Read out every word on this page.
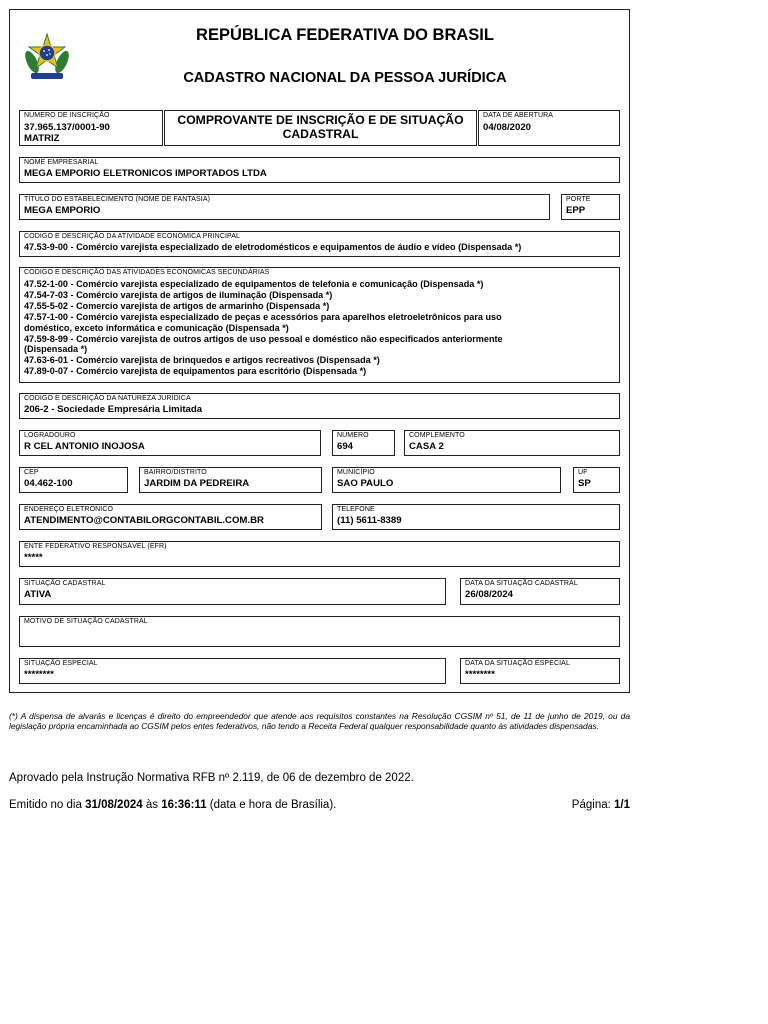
REPÚBLICA FEDERATIVA DO BRASIL
CADASTRO NACIONAL DA PESSOA JURÍDICA
NÚMERO DE INSCRIÇÃO
37.965.137/0001-90
MATRIZ
COMPROVANTE DE INSCRIÇÃO E DE SITUAÇÃO
CADASTRAL
DATA DE ABERTURA
04/08/2020
NOME EMPRESARIAL
MEGA EMPORIO ELETRONICOS IMPORTADOS LTDA
TÍTULO DO ESTABELECIMENTO (NOME DE FANTASIA)
MEGA EMPORIO
PORTE
EPP
CÓDIGO E DESCRIÇÃO DA ATIVIDADE ECONÔMICA PRINCIPAL
47.53-9-00 - Comércio varejista especializado de eletrodomésticos e equipamentos de áudio e vídeo (Dispensada *)
CÓDIGO E DESCRIÇÃO DAS ATIVIDADES ECONÔMICAS SECUNDÁRIAS
47.52-1-00 - Comércio varejista especializado de equipamentos de telefonia e comunicação (Dispensada *)
47.54-7-03 - Comércio varejista de artigos de iluminação (Dispensada *)
47.55-5-02 - Comercio varejista de artigos de armarinho (Dispensada *)
47.57-1-00 - Comércio varejista especializado de peças e acessórios para aparelhos eletroeletrônicos para uso
doméstico, exceto informática e comunicação (Dispensada *)
47.59-8-99 - Comércio varejista de outros artigos de uso pessoal e doméstico não especificados anteriormente
(Dispensada *)
47.63-6-01 - Comércio varejista de brinquedos e artigos recreativos (Dispensada *)
47.89-0-07 - Comércio varejista de equipamentos para escritório (Dispensada *)
CÓDIGO E DESCRIÇÃO DA NATUREZA JURÍDICA
206-2 - Sociedade Empresária Limitada
LOGRADOURO
R CEL ANTONIO INOJOSA
NÚMERO
694
COMPLEMENTO
CASA 2
CEP
04.462-100
BAIRRO/DISTRITO
JARDIM DA PEDREIRA
MUNICÍPIO
SAO PAULO
UF
SP
ENDEREÇO ELETRÔNICO
ATENDIMENTO@CONTABILORGCONTABIL.COM.BR
TELEFONE
(11) 5611-8389
ENTE FEDERATIVO RESPONSÁVEL (EFR)
*****
SITUAÇÃO CADASTRAL
ATIVA
DATA DA SITUAÇÃO CADASTRAL
26/08/2024
MOTIVO DE SITUAÇÃO CADASTRAL
SITUAÇÃO ESPECIAL
********
DATA DA SITUAÇÃO ESPECIAL
********
(*) A dispensa de alvarás e licenças é direito do empreendedor que atende aos requisitos constantes na Resolução CGSIM nº 51, de 11 de junho de 2019, ou da legislação própria encaminhada ao CGSIM pelos entes federativos, não tendo a Receita Federal qualquer responsabilidade quanto às atividades dispensadas.
Aprovado pela Instrução Normativa RFB nº 2.119, de 06 de dezembro de 2022.
Emitido no dia 31/08/2024 às 16:36:11 (data e hora de Brasília).	Página: 1/1
